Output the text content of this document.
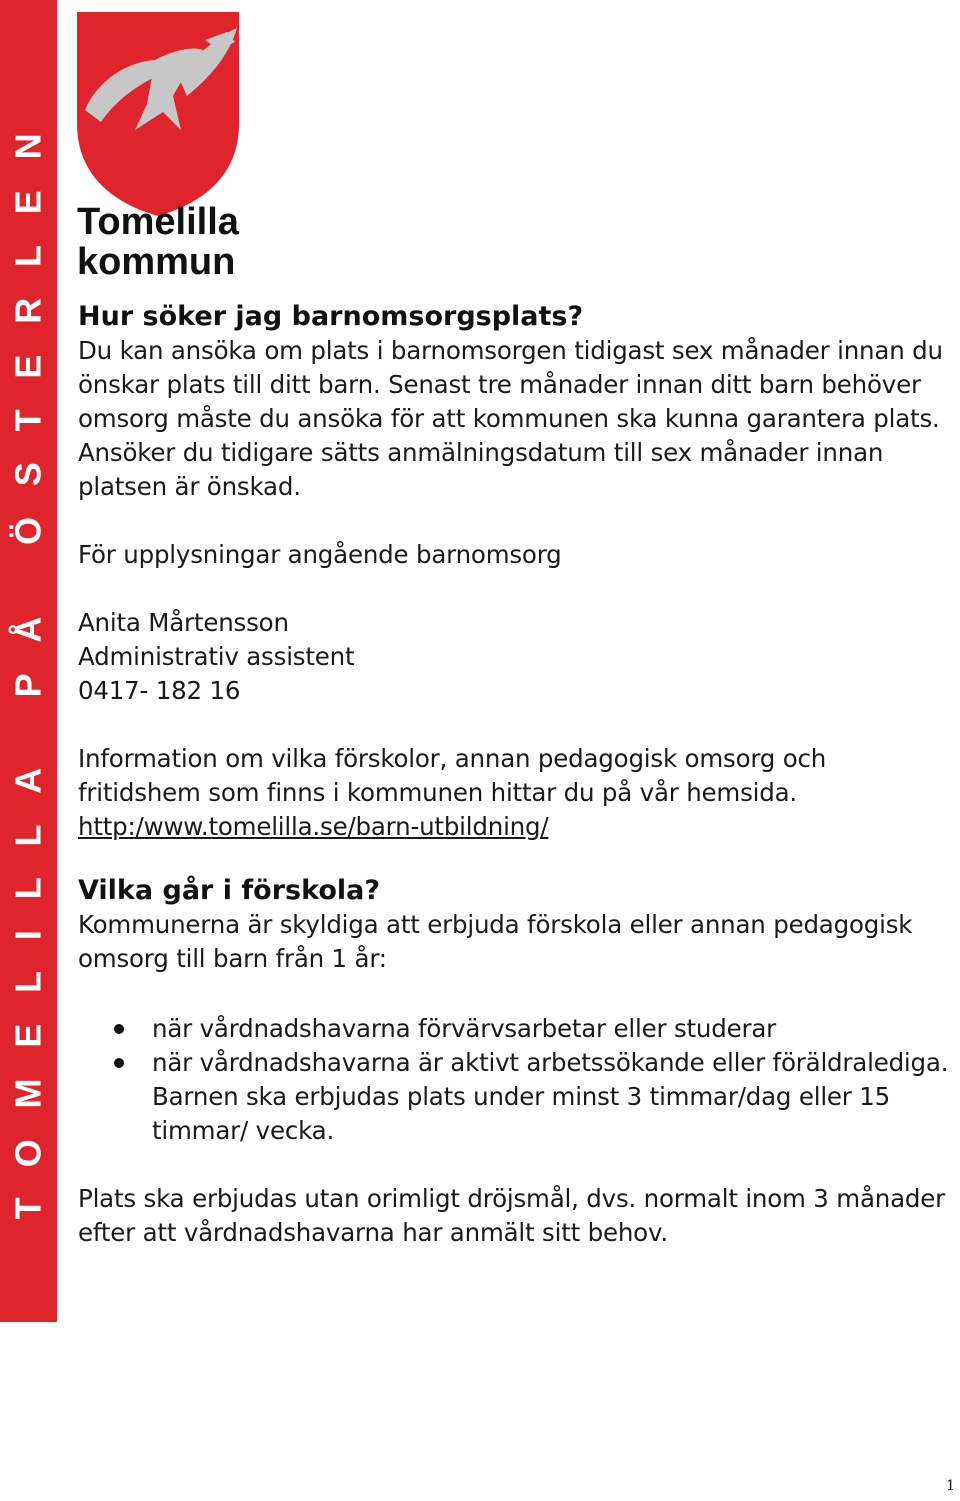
TOMELILLA PÅ ÖSTERLEN Tomelilla
kommun
Hur söker jag barnomsorgsplats?

Du kan ansöka om plats i barnomsorgen tidigast sex månader innan du

önskar plats till ditt barn. Senast tre månader innan ditt barn behöver

omsorg måste du ansöka för att kommunen ska kunna garantera plats.

Ansöker du tidigare sätts anmälningsdatum till sex månader innan

platsen är önskad.

För upplysningar angående barnomsorg

Anita Mårtensson

Administrativ assistent

0417- 182 16

Information om vilka förskolor, annan pedagogisk omsorg och

fritidshem som finns i kommunen hittar du på vår hemsida.

http:/www.tomelilla.se/barn-utbildning/

Vilka går i förskola?

Kommunerna är skyldiga att erbjuda förskola eller annan pedagogisk

omsorg till barn från 1 år:

när vårdnadshavarna förvärvsarbetar eller studerar
när vårdnadshavarna är aktivt arbetssökande eller föräldralediga.
Barnen ska erbjudas plats under minst 3 timmar/dag eller 15
timmar/ vecka.

Plats ska erbjudas utan orimligt dröjsmål, dvs. normalt inom 3 månader

efter att vårdnadshavarna har anmält sitt behov.

1
